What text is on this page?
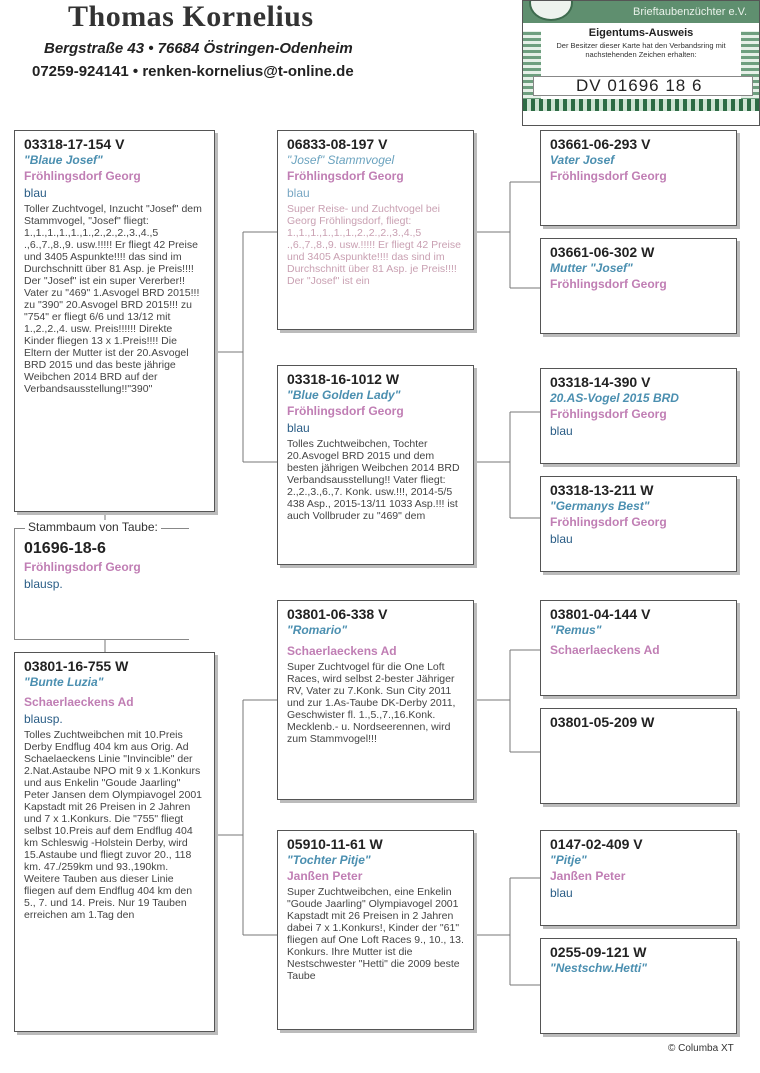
Thomas Kornelius
Bergstraße 43 • 76684 Östringen-Odenheim
07259-924141 • renken-kornelius@t-online.de
Brieftaubenzüchter e.V.
Eigentums-Ausweis
Der Besitzer dieser Karte hat den Verbandsring mit nachstehenden Zeichen erhalten:
DV 01696 18 6
03318-17-154 V
"Blaue Josef"
Fröhlingsdorf Georg
blau
Toller Zuchtvogel, Inzucht "Josef" dem Stammvogel, "Josef" fliegt: 1.,1.,1.,1.,1.,1.,2.,2.,2.,3.,4.,5 .,6.,7.,8.,9. usw.!!!!! Er fliegt 42 Preise und 3405 Aspunkte!!!! das sind im Durchschnitt über 81 Asp. je Preis!!!! Der "Josef" ist ein super Vererber!! Vater zu "469" 1.Asvogel BRD 2015!!! zu "390" 20.Asvogel BRD 2015!!! zu "754" er fliegt 6/6 und 13/12 mit 1.,2.,2.,4. usw. Preis!!!!!! Direkte Kinder fliegen 13 x 1.Preis!!!! Die Eltern der Mutter ist der 20.Asvogel BRD 2015 und das beste jährige Weibchen 2014 BRD auf der Verbandsausstellung!!"390"
Stammbaum von Taube:
01696-18-6
Fröhlingsdorf Georg
blausp.
03801-16-755 W
"Bunte Luzia"
Schaerlaeckens Ad
blausp.
Tolles Zuchtweibchen mit 10.Preis Derby Endflug 404 km aus Orig. Ad Schaelaeckens Linie "Invincible" der 2.Nat.Astaube NPO mit 9 x 1.Konkurs und aus Enkelin "Goude Jaarling" Peter Jansen dem Olympiavogel 2001 Kapstadt mit 26 Preisen in 2 Jahren und 7 x 1.Konkurs. Die "755" fliegt selbst 10.Preis auf dem Endflug 404 km Schleswig -Holstein Derby, wird 15.Astaube und fliegt zuvor 20., 118 km. 47./259km und 93.,190km. Weitere Tauben aus dieser Linie fliegen auf dem Endflug 404 km den 5., 7. und 14. Preis. Nur 19 Tauben erreichen am 1.Tag den
06833-08-197 V
"Josef" Stammvogel
Fröhlingsdorf Georg
blau
Super Reise- und Zuchtvogel bei Georg Fröhlingsdorf, fliegt: 1.,1.,1.,1.,1.,1.,2.,2.,2.,3.,4.,5 .,6.,7.,8.,9. usw.!!!!! Er fliegt 42 Preise und 3405 Aspunkte!!!! das sind im Durchschnitt über 81 Asp. je Preis!!!! Der "Josef" ist ein
03318-16-1012 W
"Blue Golden Lady"
Fröhlingsdorf Georg
blau
Tolles Zuchtweibchen, Tochter 20.Asvogel BRD 2015 und dem besten jährigen Weibchen 2014 BRD Verbandsausstellung!! Vater fliegt: 2.,2.,3.,6.,7. Konk. usw.!!!, 2014-5/5 438 Asp., 2015-13/11 1033 Asp.!!! ist auch Vollbruder zu "469" dem
03801-06-338 V
"Romario"
Schaerlaeckens Ad
Super Zuchtvogel für die One Loft Races, wird selbst 2-bester Jähriger RV, Vater zu 7.Konk. Sun City 2011 und zur 1.As-Taube DK-Derby 2011, Geschwister fl. 1.,5.,7.,16.Konk. Mecklenb.- u. Nordseerennen, wird zum Stammvogel!!!
05910-11-61 W
"Tochter Pitje"
Janßen Peter
Super Zuchtweibchen, eine Enkelin "Goude Jaarling" Olympiavogel 2001 Kapstadt mit 26 Preisen in 2 Jahren dabei 7 x 1.Konkurs!, Kinder der "61" fliegen auf One Loft Races 9., 10., 13. Konkurs. Ihre Mutter ist die Nestschwester "Hetti" die 2009 beste Taube
03661-06-293 V
Vater Josef
Fröhlingsdorf Georg
03661-06-302 W
Mutter "Josef"
Fröhlingsdorf Georg
03318-14-390 V
20.AS-Vogel 2015 BRD
Fröhlingsdorf Georg
blau
03318-13-211 W
"Germanys Best"
Fröhlingsdorf Georg
blau
03801-04-144 V
"Remus"
Schaerlaeckens Ad
03801-05-209 W
0147-02-409 V
"Pitje"
Janßen Peter
blau
0255-09-121 W
"Nestschw.Hetti"
© Columba XT
